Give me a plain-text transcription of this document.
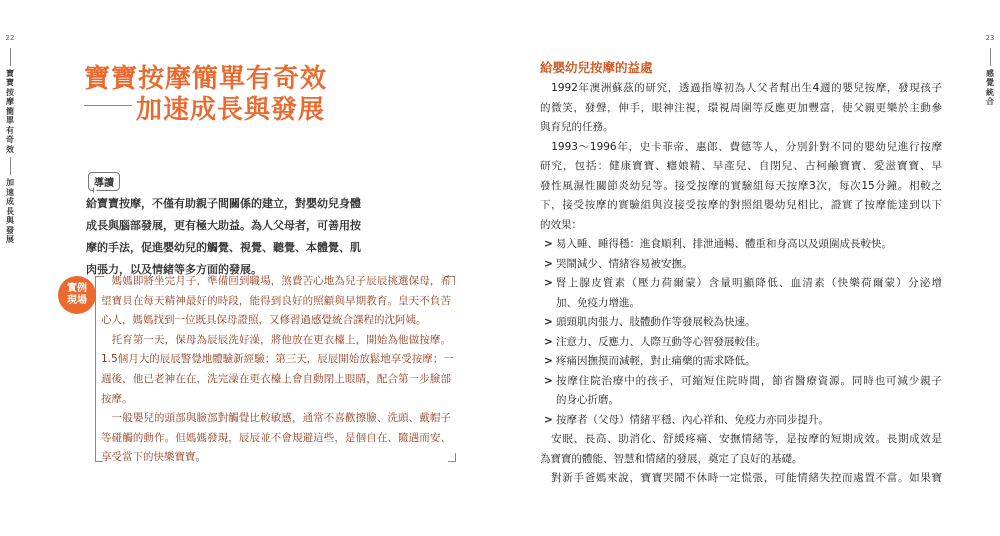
22
寶寶按摩簡單有奇效
加速成長與發展
寶寶按摩簡單有奇效
加速成長與發展
導讀
給寶寶按摩，不僅有助親子間關係的建立，對嬰幼兒身體
成長與腦部發展，更有極大助益。為人父母者，可善用按
摩的手法，促進嬰幼兒的觸覺、視覺、聽覺、本體覺、肌
肉張力，以及情緒等多方面的發展。
實例
現場
　媽媽即將坐完月子，準備回到職場，煞費苦心地為兒子辰辰挑選保母，希
望寶貝在每天精神最好的時段，能得到良好的照顧與早期教育。皇天不負苦
心人，媽媽找到一位既具保母證照，又修習過感覺統合課程的沈阿姨。
　托育第一天，保母為辰辰洗好澡，將他放在更衣檯上，開始為他做按摩。
1.5個月大的辰辰警覺地體驗新經驗；第三天，辰辰開始放鬆地享受按摩；一
週後，他已老神在在，洗完澡在更衣檯上會自動閉上眼睛，配合第一步臉部
按摩。
　一般嬰兒的頭部與臉部對觸覺比較敏感，通常不喜歡擦臉、洗頭、戴帽子
等碰觸的動作。但媽媽發現，辰辰並不會規避這些，是個自在、隨遇而安、
享受當下的快樂寶寶。
23
感覺統合
給嬰幼兒按摩的益處
　1992年澳洲蘇茲的研究，透過指導初為人父者幫出生4週的嬰兒按摩，發現孩子
的微笑，發聲，伸手，眼神注視，環視周圍等反應更加豐富，使父親更樂於主動參
與育兒的任務。
　1993～1996年，史卡菲帝、惠郎、費德等人，分別針對不同的嬰幼兒進行按摩
研究，包括：健康寶寶、癮娘精、早產兒、自閉兒、古柯鹼寶寶、愛滋寶寶、早
發性風濕性關節炎幼兒等。接受按摩的實驗組每天按摩3次，每次15分鐘。相較之
下，接受按摩的實驗組與沒接受按摩的對照組嬰幼兒相比，證實了按摩能達到以下
的效果：
> 易入睡、睡得穩：進食順利、排泄通暢、體重和身高以及頭圍成長較快。
> 哭鬧減少、情緒容易被安撫。
> 腎上腺皮質素（壓力荷爾蒙）含量明顯降低、血清素（快樂荷爾蒙）分泌增
加、免疫力增進。
> 頭頸肌肉張力、肢體動作等發展較為快速。
> 注意力、反應力、人際互動等心智發展較佳。
> 疼痛因撫摸而減輕，對止痛藥的需求降低。
> 按摩住院治療中的孩子，可縮短住院時間，節省醫療資源。同時也可減少親子
的身心折磨。
> 按摩者（父母）情緒平穩、內心祥和、免疫力亦同步提升。
　安眠、長高、助消化、舒緩疼痛、安撫情緒等，是按摩的短期成效。長期成效是
為寶寶的體能、智慧和情緒的發展，奠定了良好的基礎。
　對新手爸媽來說，寶寶哭鬧不休時一定慌張，可能情緒失控而處置不當。如果寶
